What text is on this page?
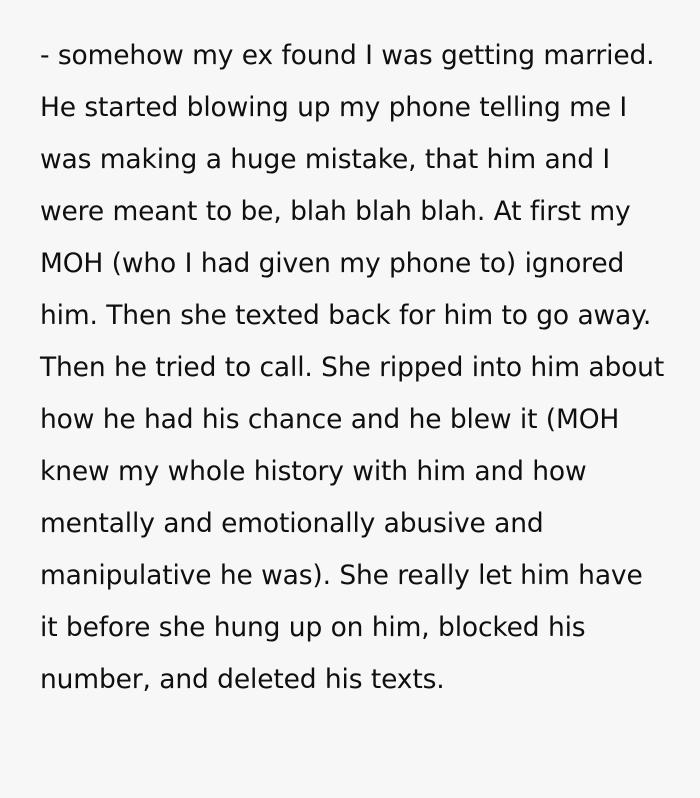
- somehow my ex found I was getting married. He started blowing up my phone telling me I was making a huge mistake, that him and I were meant to be, blah blah blah. At first my MOH (who I had given my phone to) ignored him. Then she texted back for him to go away. Then he tried to call. She ripped into him about how he had his chance and he blew it (MOH knew my whole history with him and how mentally and emotionally abusive and manipulative he was). She really let him have it before she hung up on him, blocked his number, and deleted his texts.
